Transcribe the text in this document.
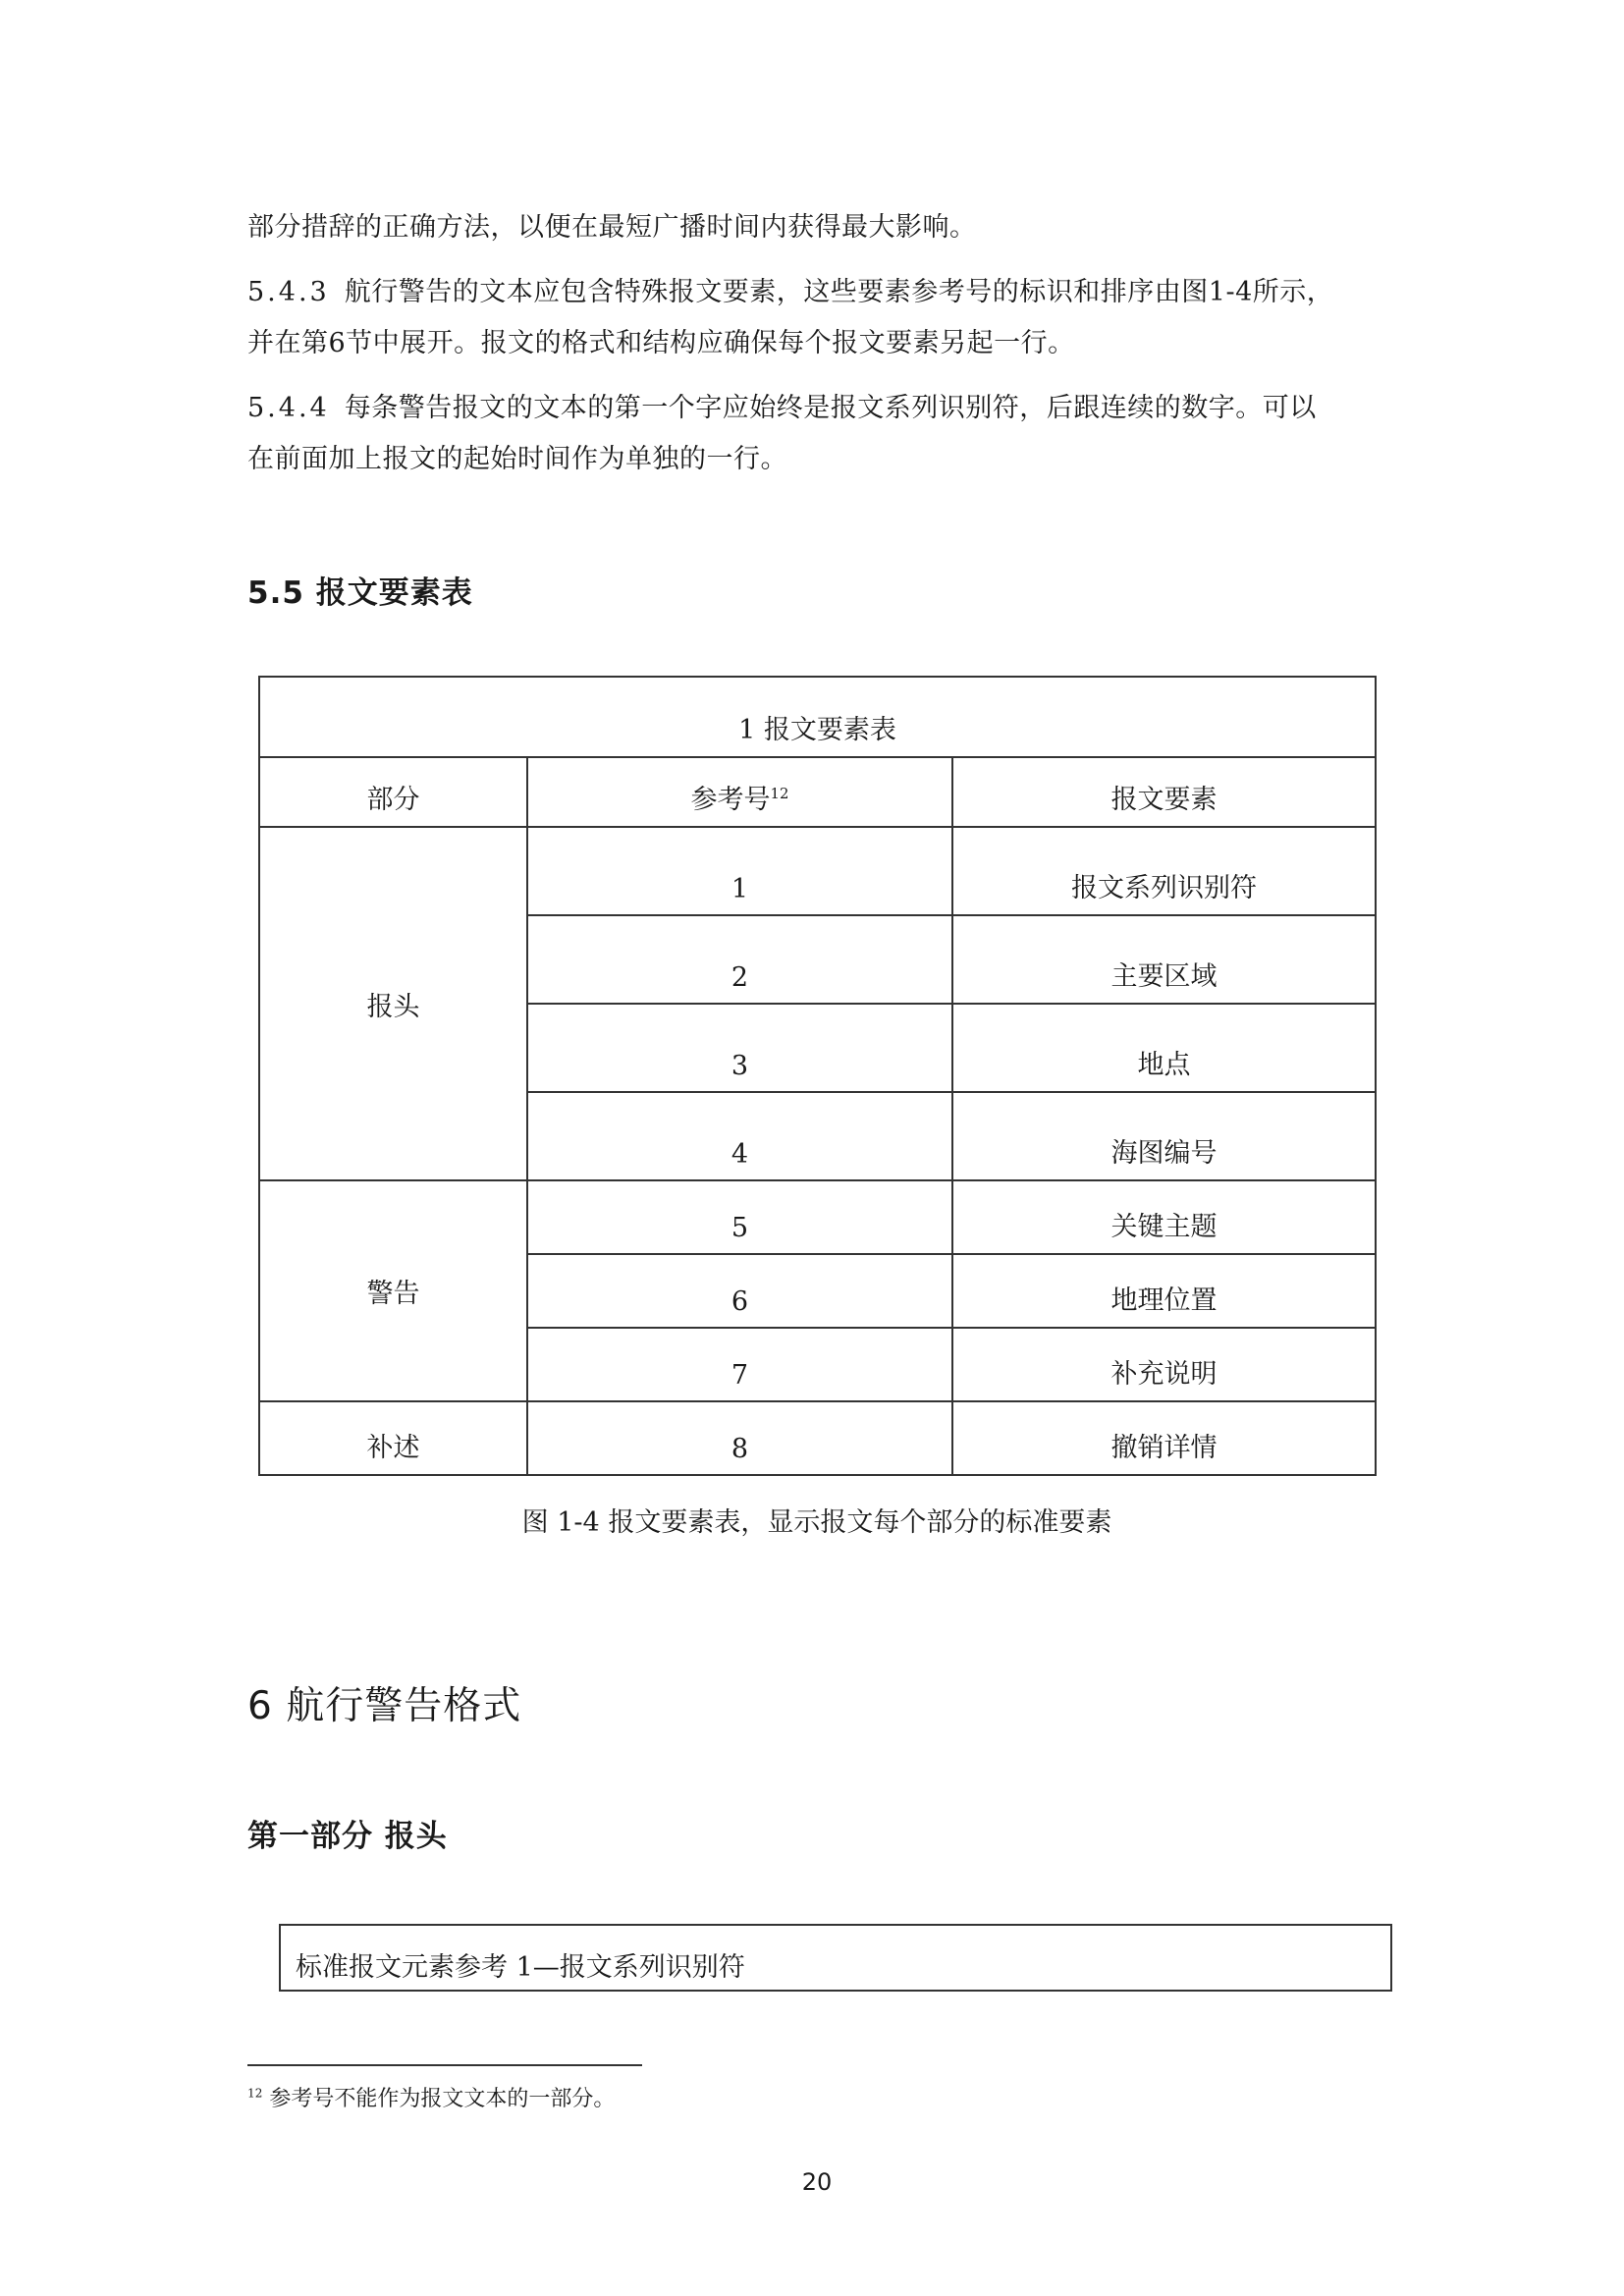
部分措辞的正确方法，以便在最短广播时间内获得最大影响。

5.4.3 航行警告的文本应包含特殊报文要素，这些要素参考号的标识和排序由图1-4所示，
并在第6节中展开。报文的格式和结构应确保每个报文要素另起一行。

5.4.4 每条警告报文的文本的第一个字应始终是报文系列识别符，后跟连续的数字。可以
在前面加上报文的起始时间作为单独的一行。

5.5 报文要素表
1 报文要素表		
部分	参考号$^{12}$	报文要素
报头	1	报文系列识别符
	2	主要区域
	3	地点
	4	海图编号
警告	5	关键主题
	6	地理位置
	7	补充说明
补述	8	撤销详情

图 1-4 报文要素表，显示报文每个部分的标准要素

6 航行警告格式
第一部分 报头
标准报文元素参考 1—报文系列识别符

$^{12}$ 参考号不能作为报文文本的一部分。

20
